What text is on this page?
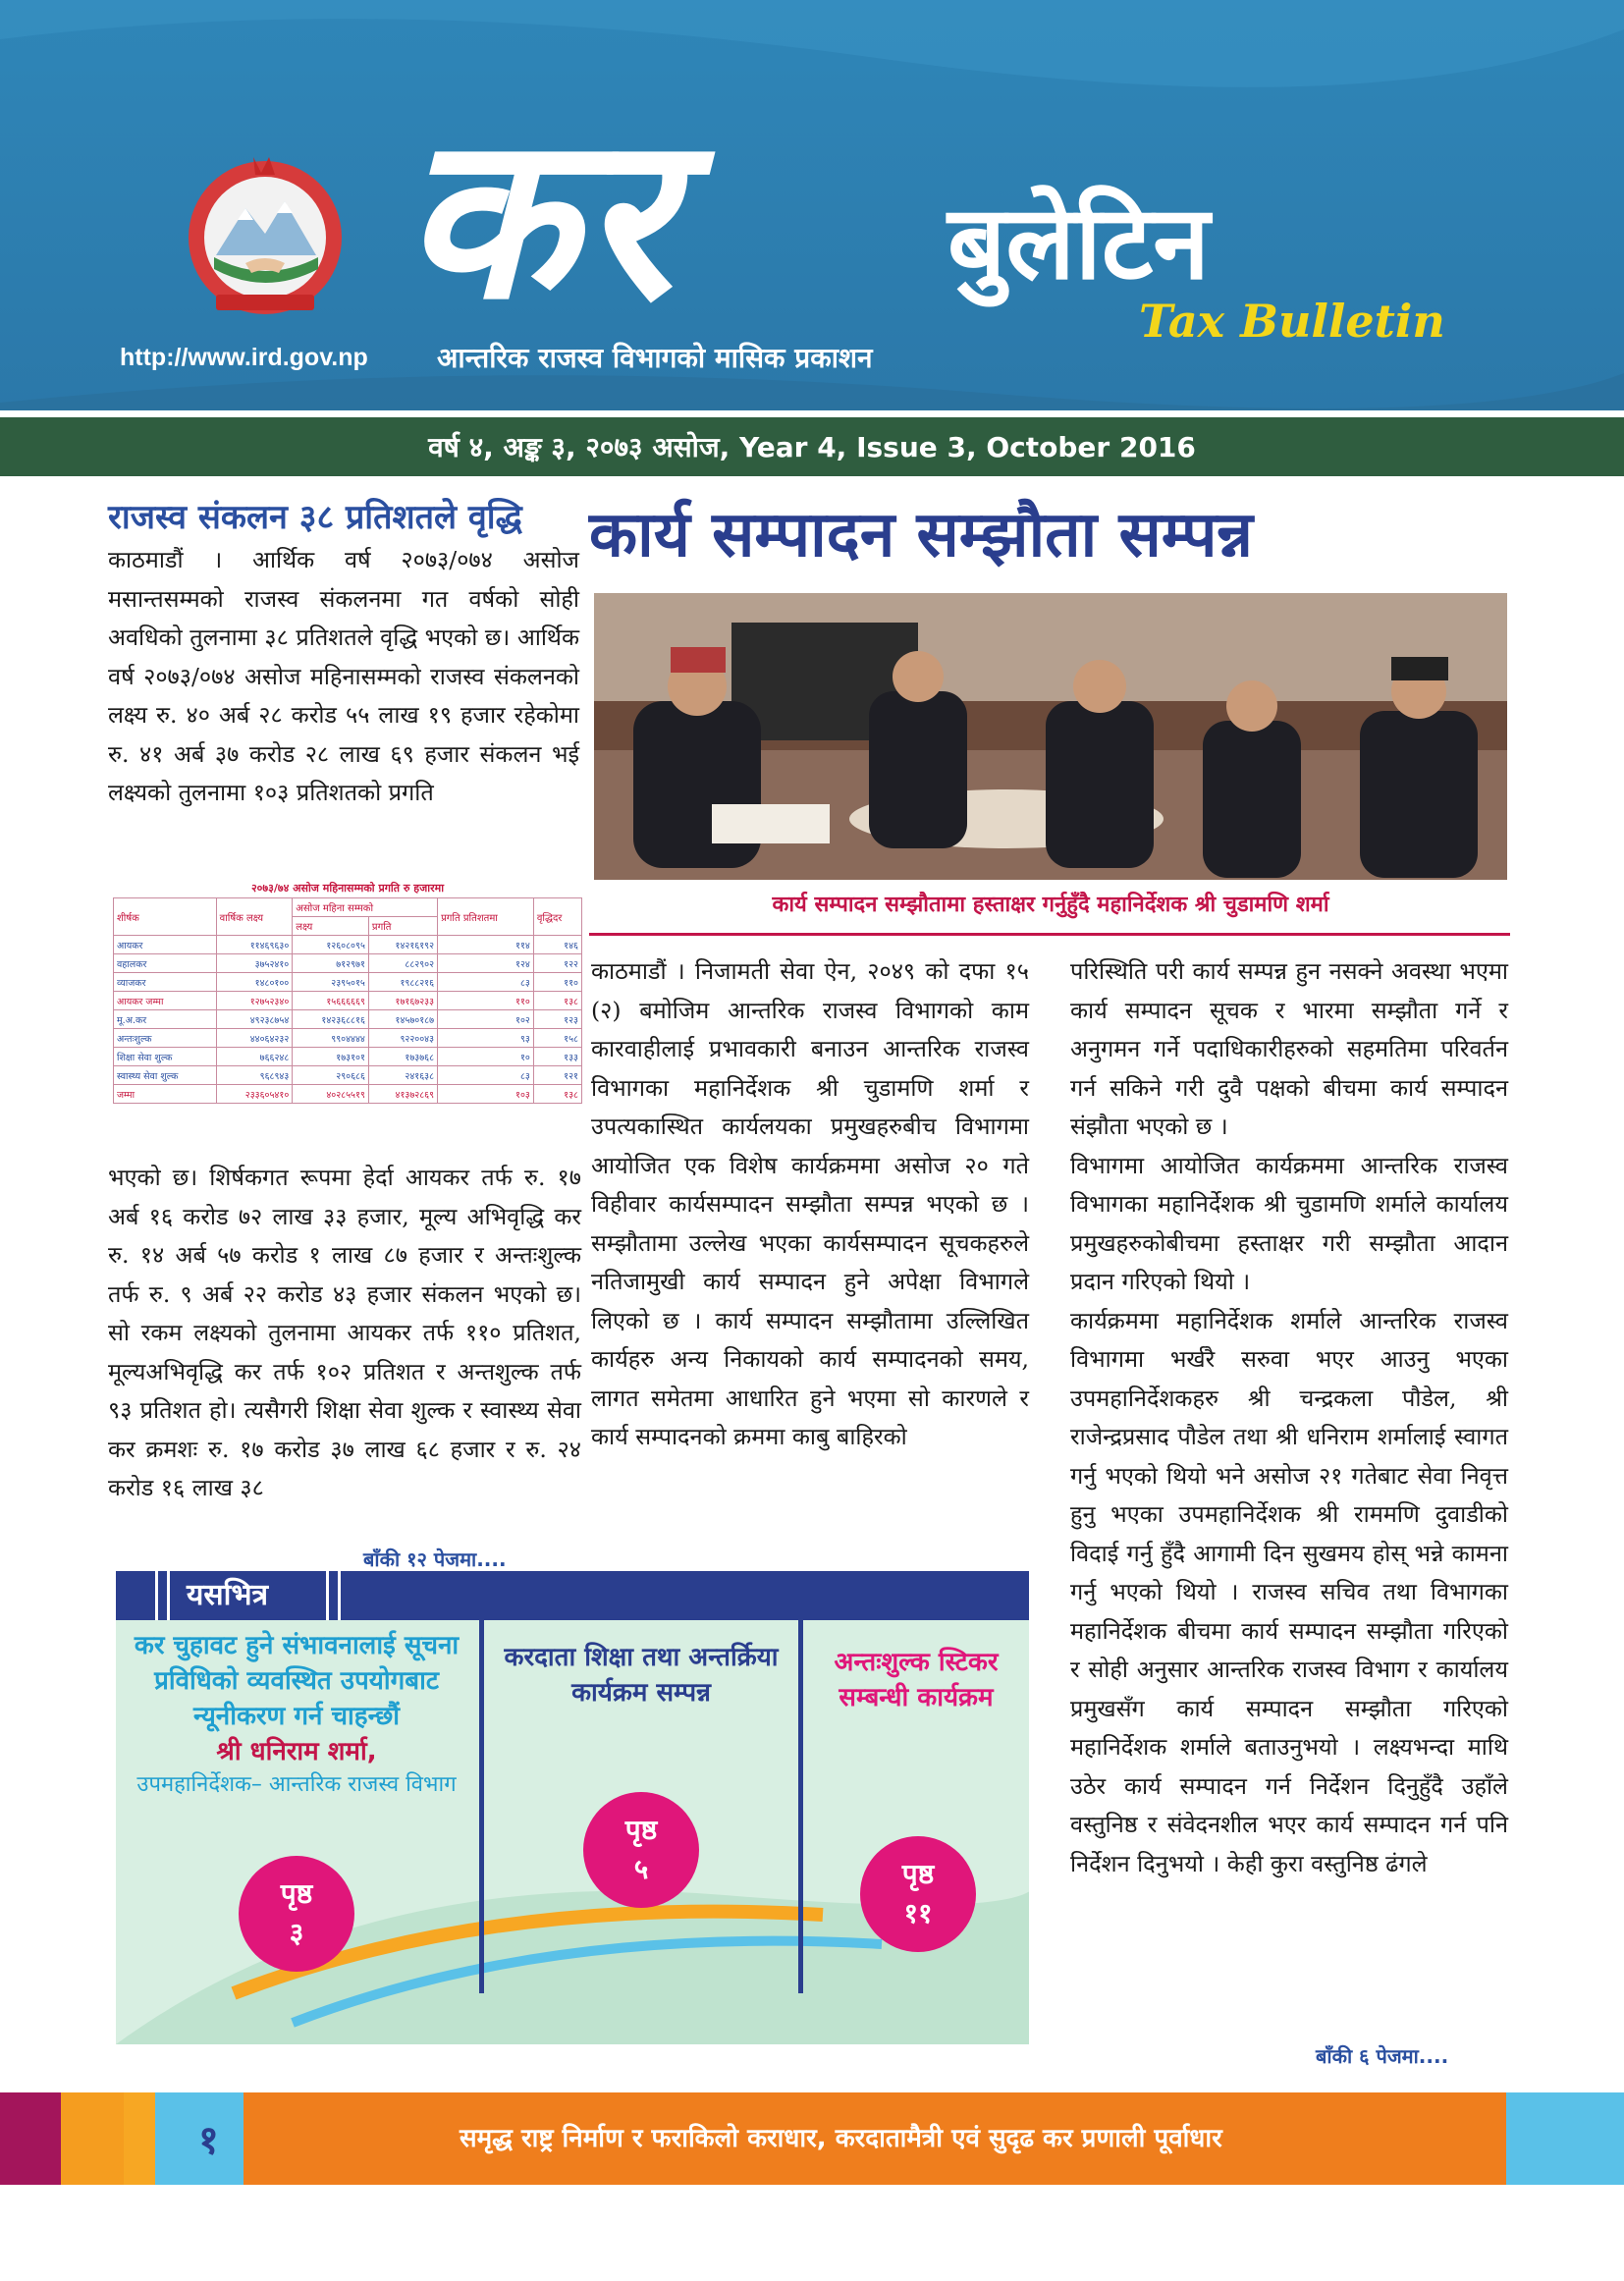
कर	बुलेटिन
Tax Bulletin
http://www.ird.gov.np	आन्तरिक राजस्व विभागको मासिक प्रकाशन
वर्ष ४, अङ्क ३, २०७३ असोज, Year 4, Issue 3, October 2016
राजस्व संकलन ३८ प्रतिशतले वृद्धि
काठमाडौं । आर्थिक वर्ष २०७३/०७४ असोज मसान्तसम्मको राजस्व संकलनमा गत वर्षको सोही अवधिको तुलनामा ३८ प्रतिशतले वृद्धि भएको छ। आर्थिक वर्ष २०७३/०७४ असोज महिनासम्मको राजस्व संकलनको लक्ष्य रु. ४० अर्ब २८ करोड ५५ लाख १९ हजार रहेकोमा रु. ४१ अर्ब ३७ करोड २८ लाख ६९ हजार संकलन भई लक्ष्यको तुलनामा १०३ प्रतिशतको प्रगति
२०७३/७४ असोज महिनासम्मको प्रगति रु हजारमा					
शीर्षक	वार्षिक लक्ष्य	असोज महिना सम्मको		प्रगति प्रतिशतमा	वृद्धिदर
		लक्ष्य	प्रगति		
आयकर	११४६९६३०	१२६०८०९५	१४२१६१९२	११४	१४६
वहालकर	३७५२४१०	७१२९७१	८८२९०२	१२४	१२२
व्याजकर	१४८०१००	२३९५०१५	१९८८२१६	८३	११०
आयकर जम्मा	१२७५२३४०	१५६६६६६९	१७१६७२३३	११०	१३८
मू.अ.कर	४९२३८७५४	१४२३६८८१६	१४५७०१८७	१०२	१२३
अन्तःशुल्क	४४०६४२३२	९९०४४४४	९२२००४३	९३	१५८
शिक्षा सेवा शुल्क	७६६२४८	१७३१०१	१७३७६८	१०	१३३
स्वास्थ्य सेवा शुल्क	९६८९४३	२९०६८६	२४१६३८	८३	१२१
जम्मा	२३३६०५४१०	४०२८५५१९	४१३७२८६९	१०३	१३८
भएको छ। शिर्षकगत रूपमा हेर्दा आयकर तर्फ रु. १७ अर्ब १६ करोड ७२ लाख ३३ हजार, मूल्य अभिवृद्धि कर रु. १४ अर्ब ५७ करोड १ लाख ८७ हजार र अन्तःशुल्क तर्फ रु. ९ अर्ब २२ करोड ४३ हजार संकलन भएको छ। सो रकम लक्ष्यको तुलनामा आयकर तर्फ ११० प्रतिशत, मूल्यअभिवृद्धि कर तर्फ १०२ प्रतिशत र अन्तशुल्क तर्फ ९३ प्रतिशत हो। त्यसैगरी शिक्षा सेवा शुल्क र स्वास्थ्य सेवा कर क्रमशः रु. १७ करोड ३७ लाख ६८ हजार र रु. २४ करोड १६ लाख ३८
बाँकी १२ पेजमा....
कार्य सम्पादन सम्झौता सम्पन्न
कार्य सम्पादन सम्झौतामा हस्ताक्षर गर्नुहुँदै महानिर्देशक श्री चुडामणि शर्मा
काठमाडौं । निजामती सेवा ऐन, २०४९ को दफा १५ (२) बमोजिम आन्तरिक राजस्व विभागको काम कारवाहीलाई प्रभावकारी बनाउन आन्तरिक राजस्व विभागका महानिर्देशक श्री चुडामणि शर्मा र उपत्यकास्थित कार्यलयका प्रमुखहरुबीच विभागमा आयोजित एक विशेष कार्यक्रममा असोज २० गते विहीवार कार्यसम्पादन सम्झौता सम्पन्न भएको छ । सम्झौतामा उल्लेख भएका कार्यसम्पादन सूचकहरुले नतिजामुखी कार्य सम्पादन हुने अपेक्षा विभागले लिएको छ । कार्य सम्पादन सम्झौतामा उल्लिखित कार्यहरु अन्य निकायको कार्य सम्पादनको समय, लागत समेतमा आधारित हुने भएमा सो कारणले र कार्य सम्पादनको क्रममा काबु बाहिरको
परिस्थिति परी कार्य सम्पन्न हुन नसक्ने अवस्था भएमा कार्य सम्पादन सूचक र भारमा सम्झौता गर्ने र अनुगमन गर्ने पदाधिकारीहरुको सहमतिमा परिवर्तन गर्न सकिने गरी दुवै पक्षको बीचमा कार्य सम्पादन संझौता भएको छ ।
विभागमा आयोजित कार्यक्रममा आन्तरिक राजस्व विभागका महानिर्देशक श्री चुडामणि शर्माले कार्यालय प्रमुखहरुकोबीचमा हस्ताक्षर गरी सम्झौता आदान प्रदान गरिएको थियो ।
कार्यक्रममा महानिर्देशक शर्माले आन्तरिक राजस्व विभागमा भर्खरै सरुवा भएर आउनु भएका उपमहानिर्देशकहरु श्री चन्द्रकला पौडेल, श्री राजेन्द्रप्रसाद पौडेल तथा श्री धनिराम शर्मालाई स्वागत गर्नु भएको थियो भने असोज २१ गतेबाट सेवा निवृत्त हुनु भएका उपमहानिर्देशक श्री राममणि दुवाडीको विदाई गर्नु हुँदै आगामी दिन सुखमय होस् भन्ने कामना गर्नु भएको थियो । राजस्व सचिव तथा विभागका महानिर्देशक बीचमा कार्य सम्पादन सम्झौता गरिएको र सोही अनुसार आन्तरिक राजस्व विभाग र कार्यालय प्रमुखसँग कार्य सम्पादन सम्झौता गरिएको महानिर्देशक शर्माले बताउनुभयो । लक्ष्यभन्दा माथि उठेर कार्य सम्पादन गर्न निर्देशन दिनुहुँदै उहाँले वस्तुनिष्ठ र संवेदनशील भएर कार्य सम्पादन गर्न पनि निर्देशन दिनुभयो । केही कुरा वस्तुनिष्ठ ढंगले
बाँकी ६ पेजमा....
यसभित्र
कर चुहावट हुने संभावनालाई सूचना प्रविधिको व्यवस्थित उपयोगबाट न्यूनीकरण गर्न चाहन्छौं
श्री धनिराम शर्मा,
उपमहानिर्देशक– आन्तरिक राजस्व विभाग
पृष्ठ
३
करदाता शिक्षा तथा अन्तर्क्रिया कार्यक्रम सम्पन्न
पृष्ठ
५
अन्तःशुल्क स्टिकर सम्बन्धी कार्यक्रम
पृष्ठ
११
१	समृद्ध राष्ट्र निर्माण र फराकिलो कराधार, करदातामैत्री एवं सुदृढ कर प्रणाली पूर्वाधार
